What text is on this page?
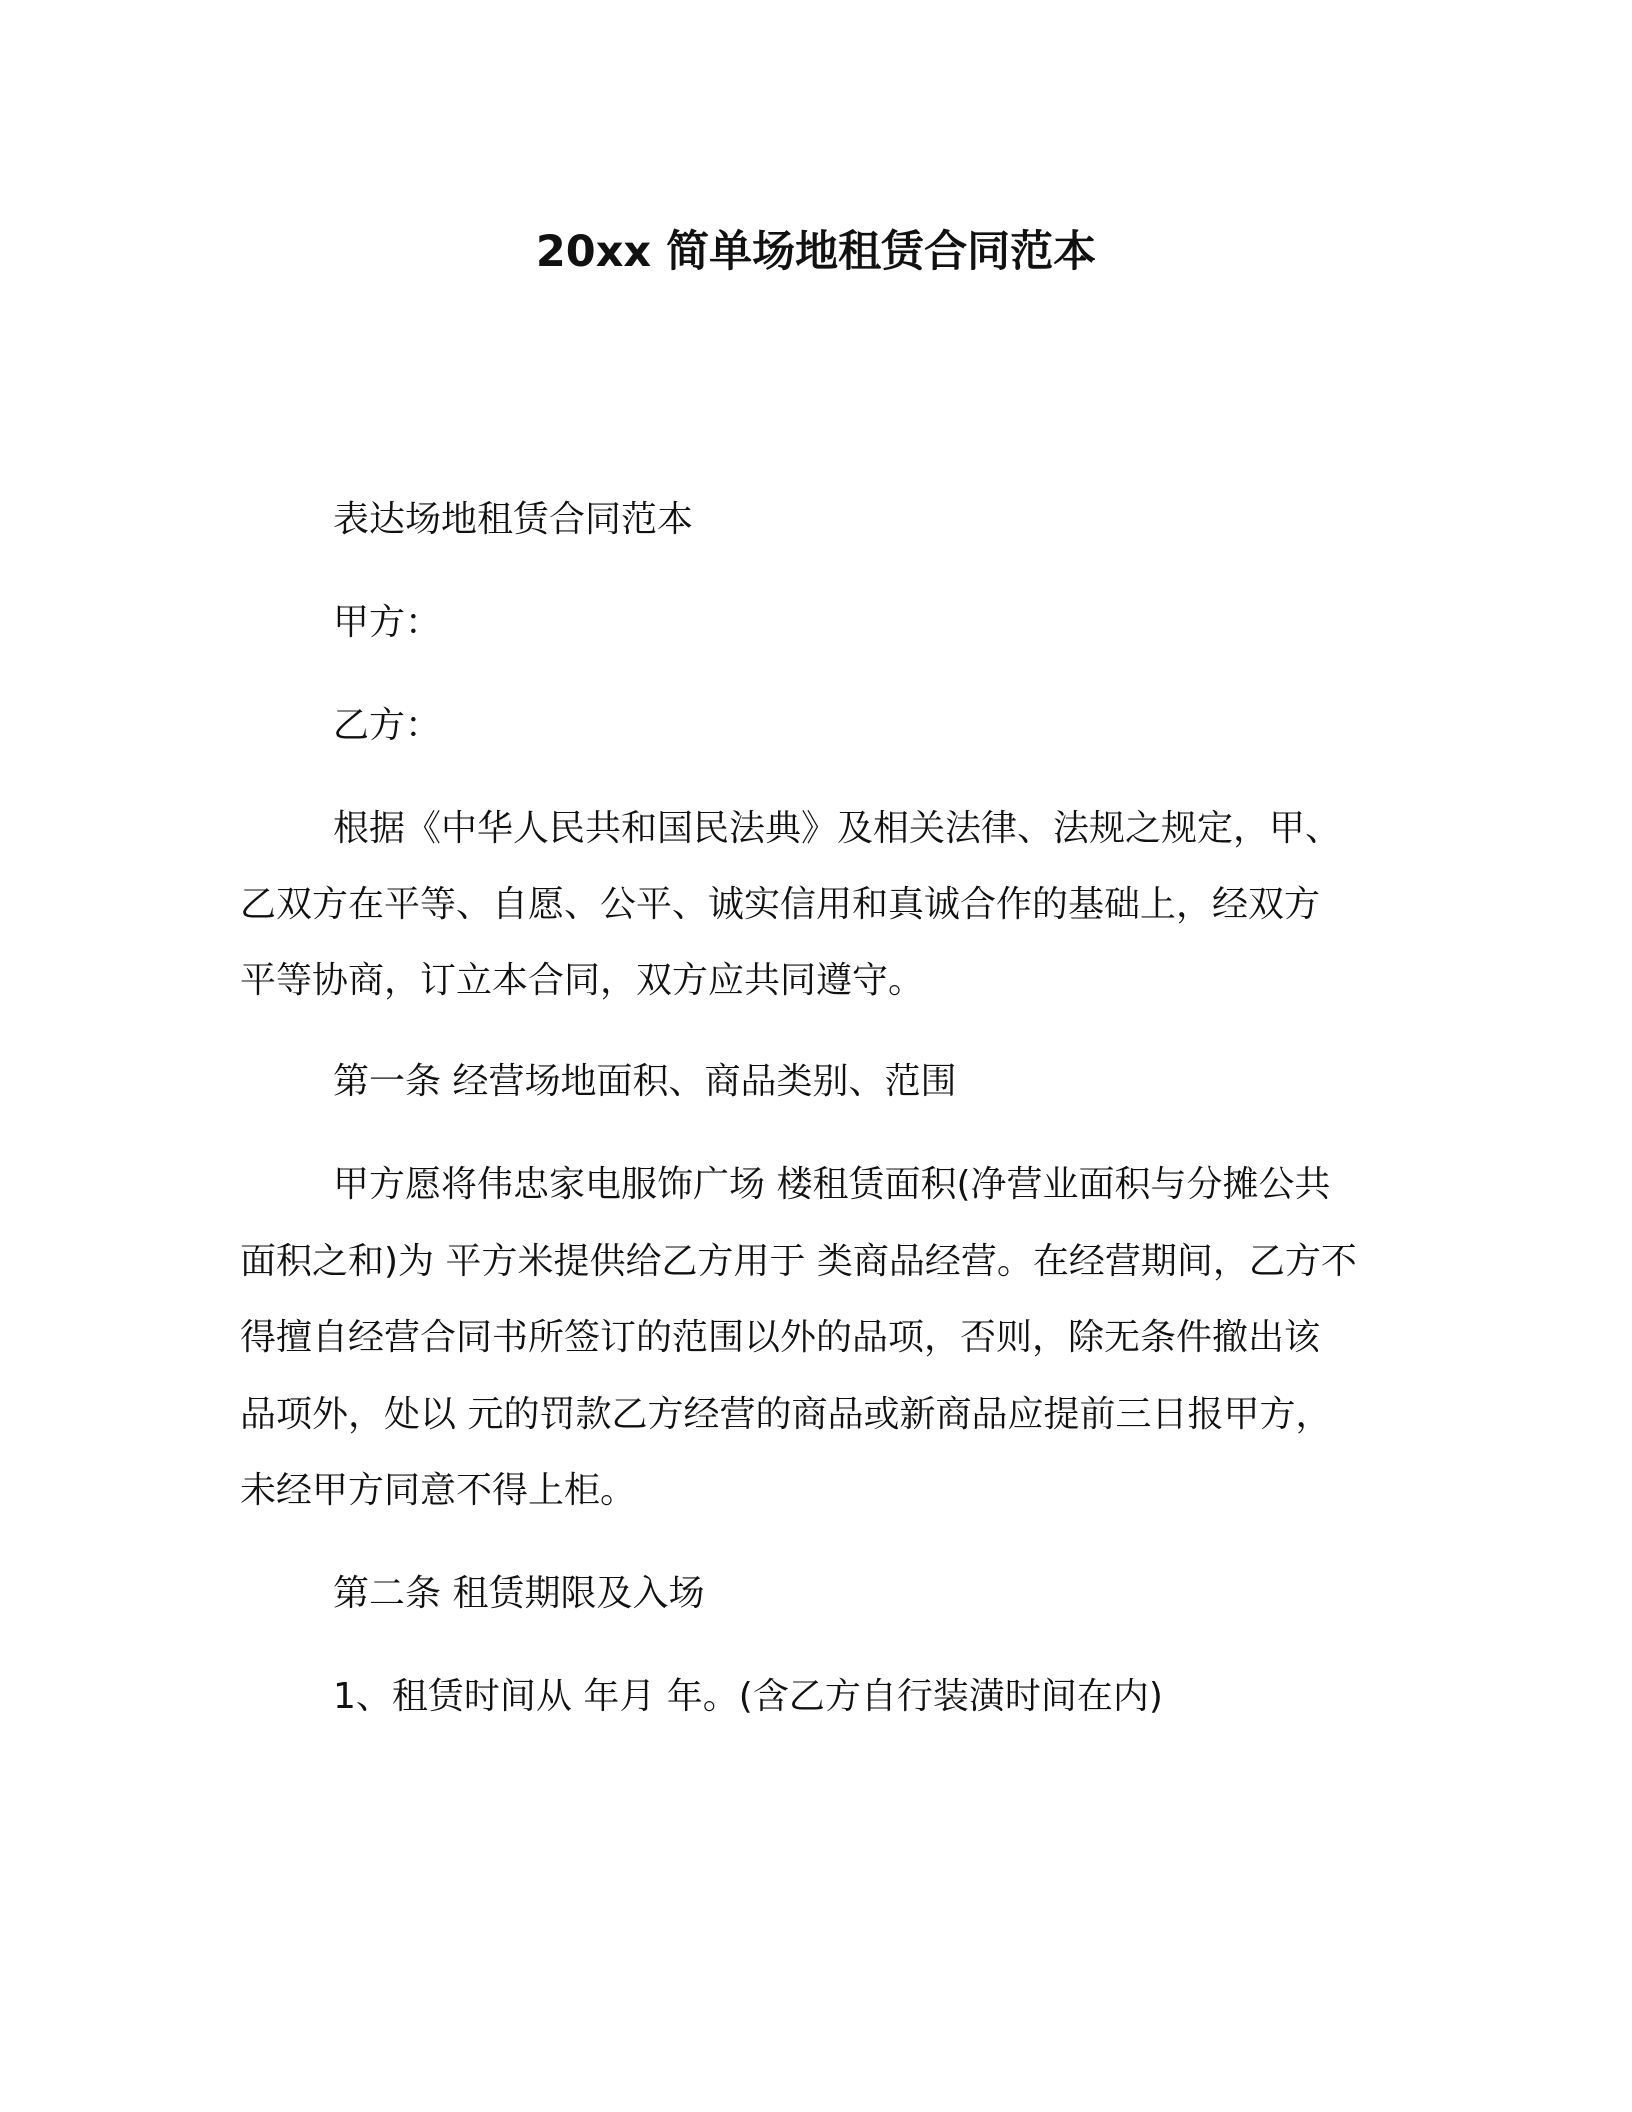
20xx 简单场地租赁合同范本

表达场地租赁合同范本

甲方：

乙方：

根据《中华人民共和国民法典》及相关法律、法规之规定，甲、

乙双方在平等、自愿、公平、诚实信用和真诚合作的基础上，经双方

平等协商，订立本合同，双方应共同遵守。

第一条 经营场地面积、商品类别、范围

甲方愿将伟忠家电服饰广场 楼租赁面积(净营业面积与分摊公共

面积之和)为 平方米提供给乙方用于 类商品经营。在经营期间，乙方不

得擅自经营合同书所签订的范围以外的品项，否则，除无条件撤出该

品项外，处以 元的罚款乙方经营的商品或新商品应提前三日报甲方，

未经甲方同意不得上柜。

第二条 租赁期限及入场

1、租赁时间从 年月 年。(含乙方自行装潢时间在内)
